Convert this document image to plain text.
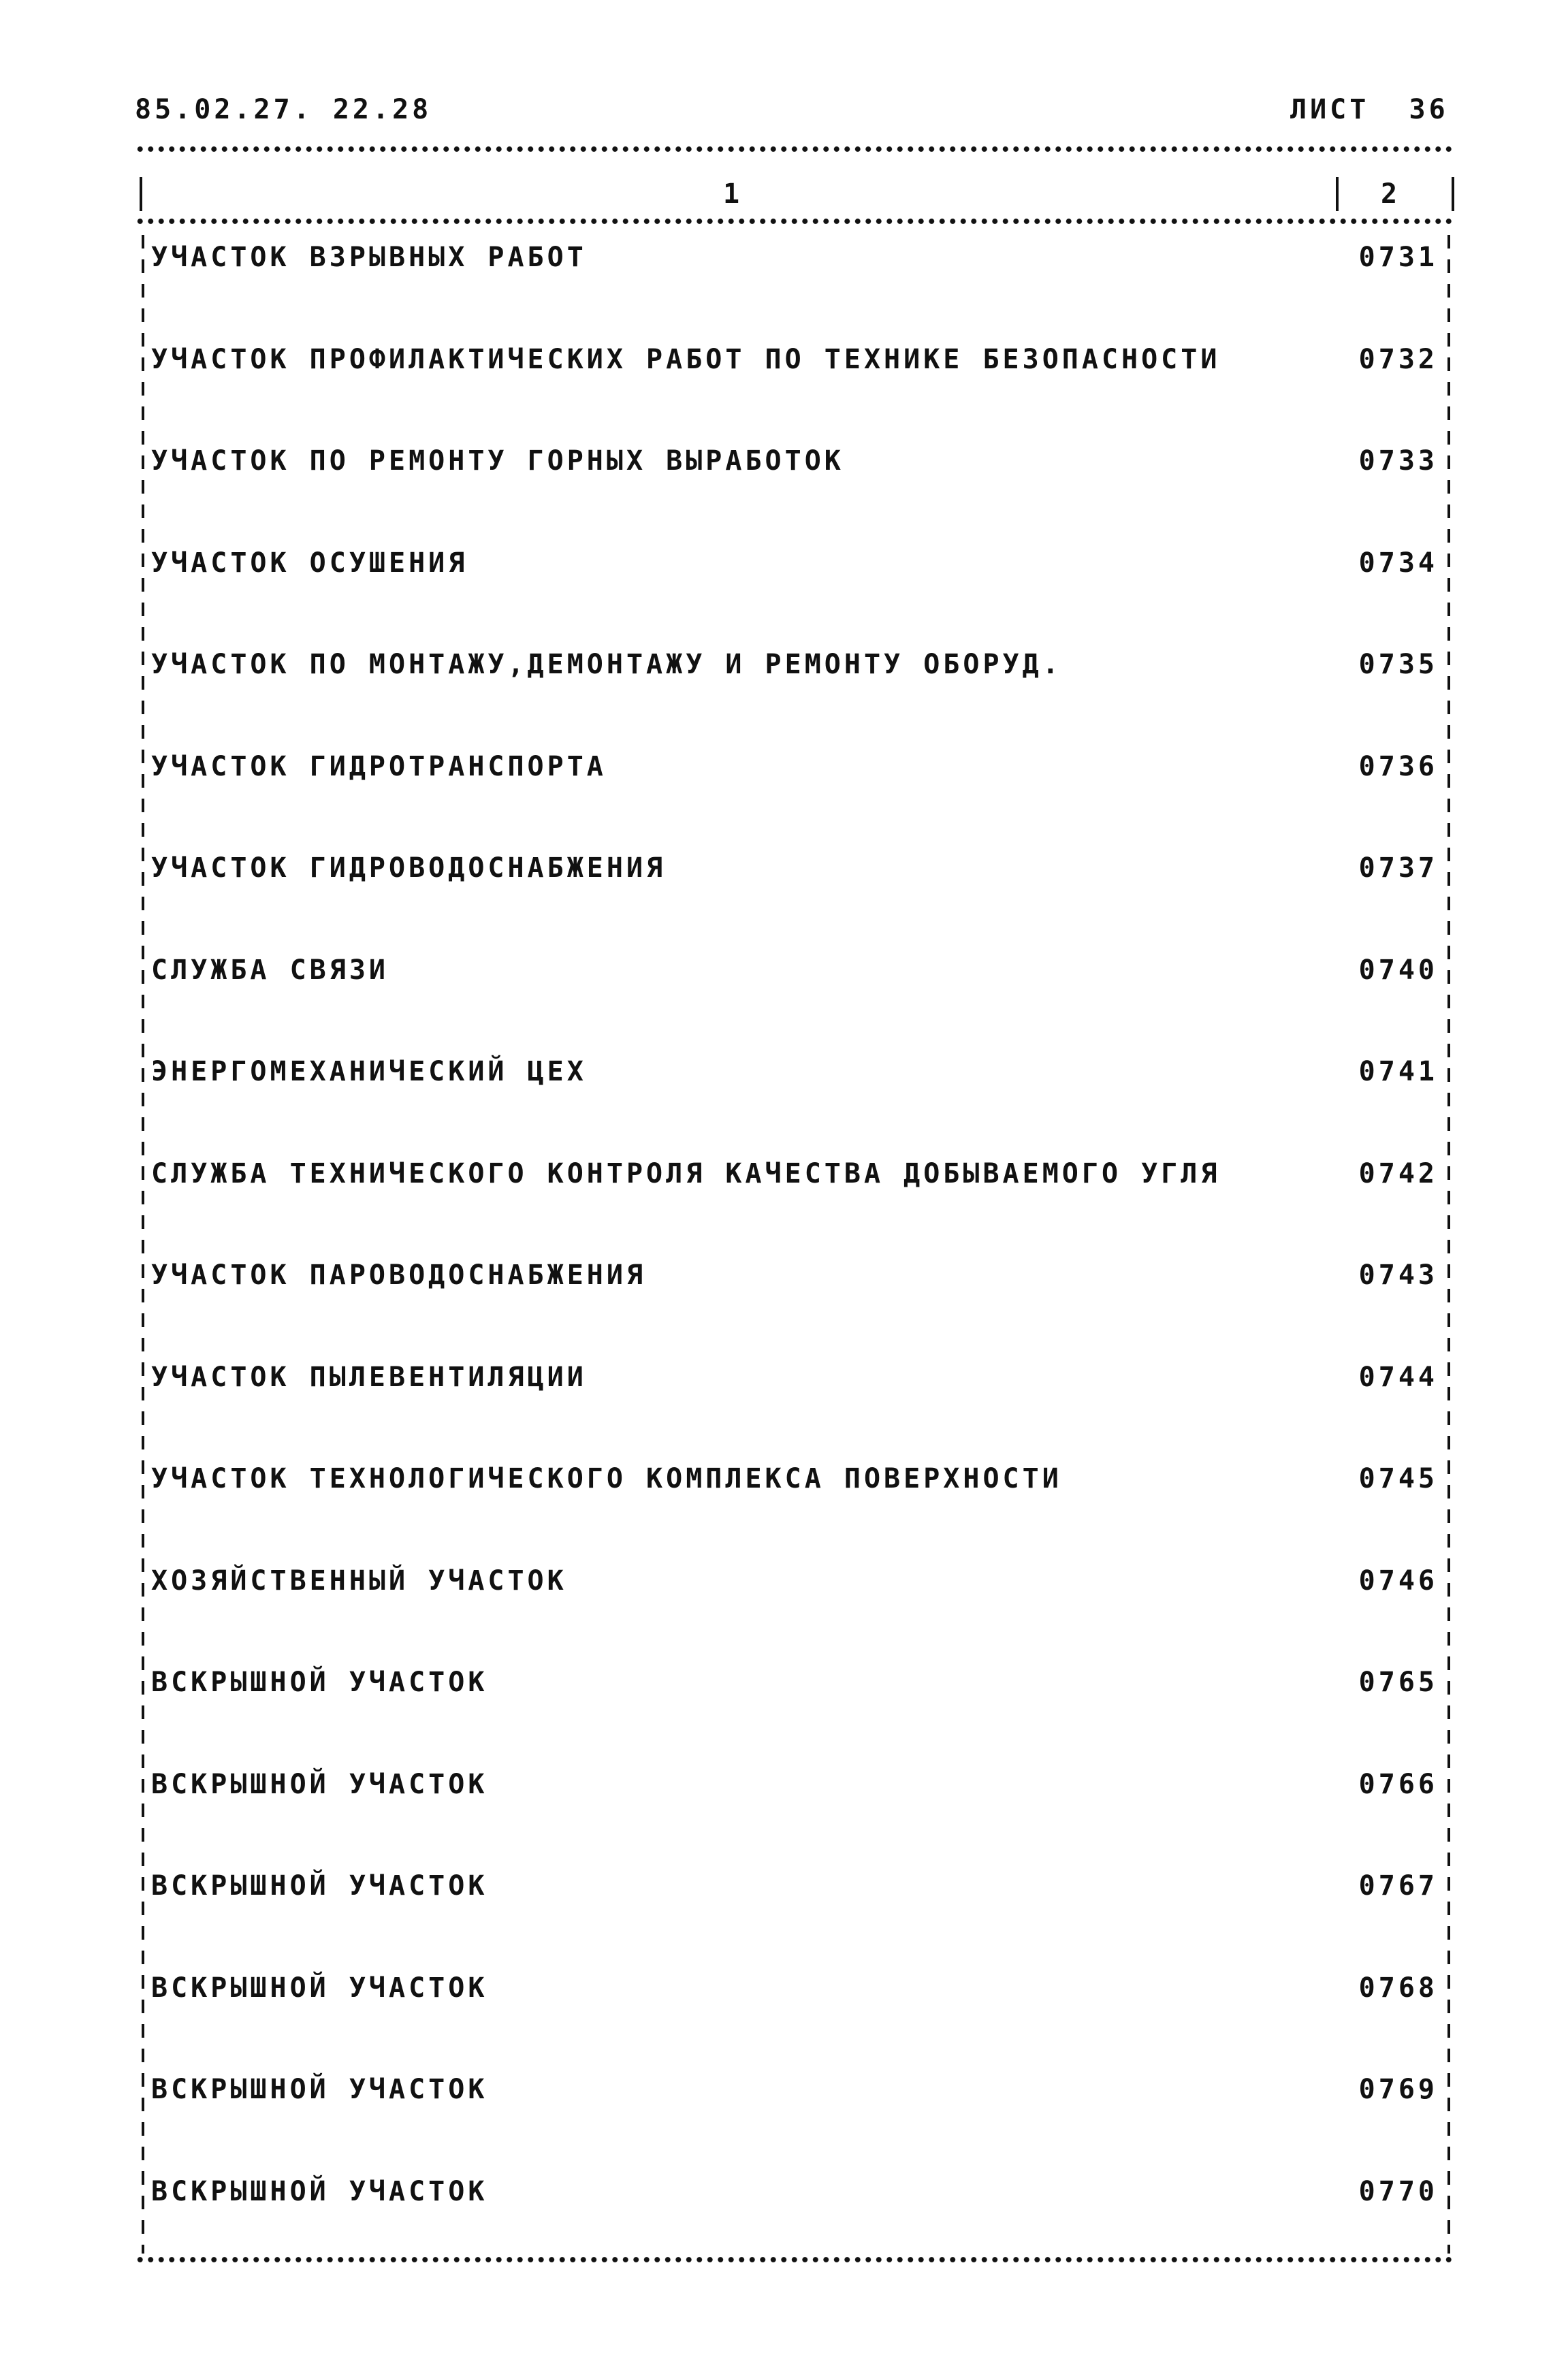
85.02.27. 22.28	ЛИСТ  36
1	2
УЧАСТОК ВЗРЫВНЫХ РАБОТ	0731
УЧАСТОК ПРОФИЛАКТИЧЕСКИХ РАБОТ ПО ТЕХНИКЕ БЕЗОПАСНОСТИ	0732
УЧАСТОК ПО РЕМОНТУ ГОРНЫХ ВЫРАБОТОК	0733
УЧАСТОК ОСУШЕНИЯ	0734
УЧАСТОК ПО МОНТАЖУ,ДЕМОНТАЖУ И РЕМОНТУ ОБОРУД.	0735
УЧАСТОК ГИДРОТРАНСПОРТА	0736
УЧАСТОК ГИДРОВОДОСНАБЖЕНИЯ	0737
СЛУЖБА СВЯЗИ	0740
ЭНЕРГОМЕХАНИЧЕСКИЙ ЦЕХ	0741
СЛУЖБА ТЕХНИЧЕСКОГО КОНТРОЛЯ КАЧЕСТВА ДОБЫВАЕМОГО УГЛЯ	0742
УЧАСТОК ПАРОВОДОСНАБЖЕНИЯ	0743
УЧАСТОК ПЫЛЕВЕНТИЛЯЦИИ	0744
УЧАСТОК ТЕХНОЛОГИЧЕСКОГО КОМПЛЕКСА ПОВЕРХНОСТИ	0745
ХОЗЯЙСТВЕННЫЙ УЧАСТОК	0746
ВСКРЫШНОЙ УЧАСТОК	0765
ВСКРЫШНОЙ УЧАСТОК	0766
ВСКРЫШНОЙ УЧАСТОК	0767
ВСКРЫШНОЙ УЧАСТОК	0768
ВСКРЫШНОЙ УЧАСТОК	0769
ВСКРЫШНОЙ УЧАСТОК	0770
